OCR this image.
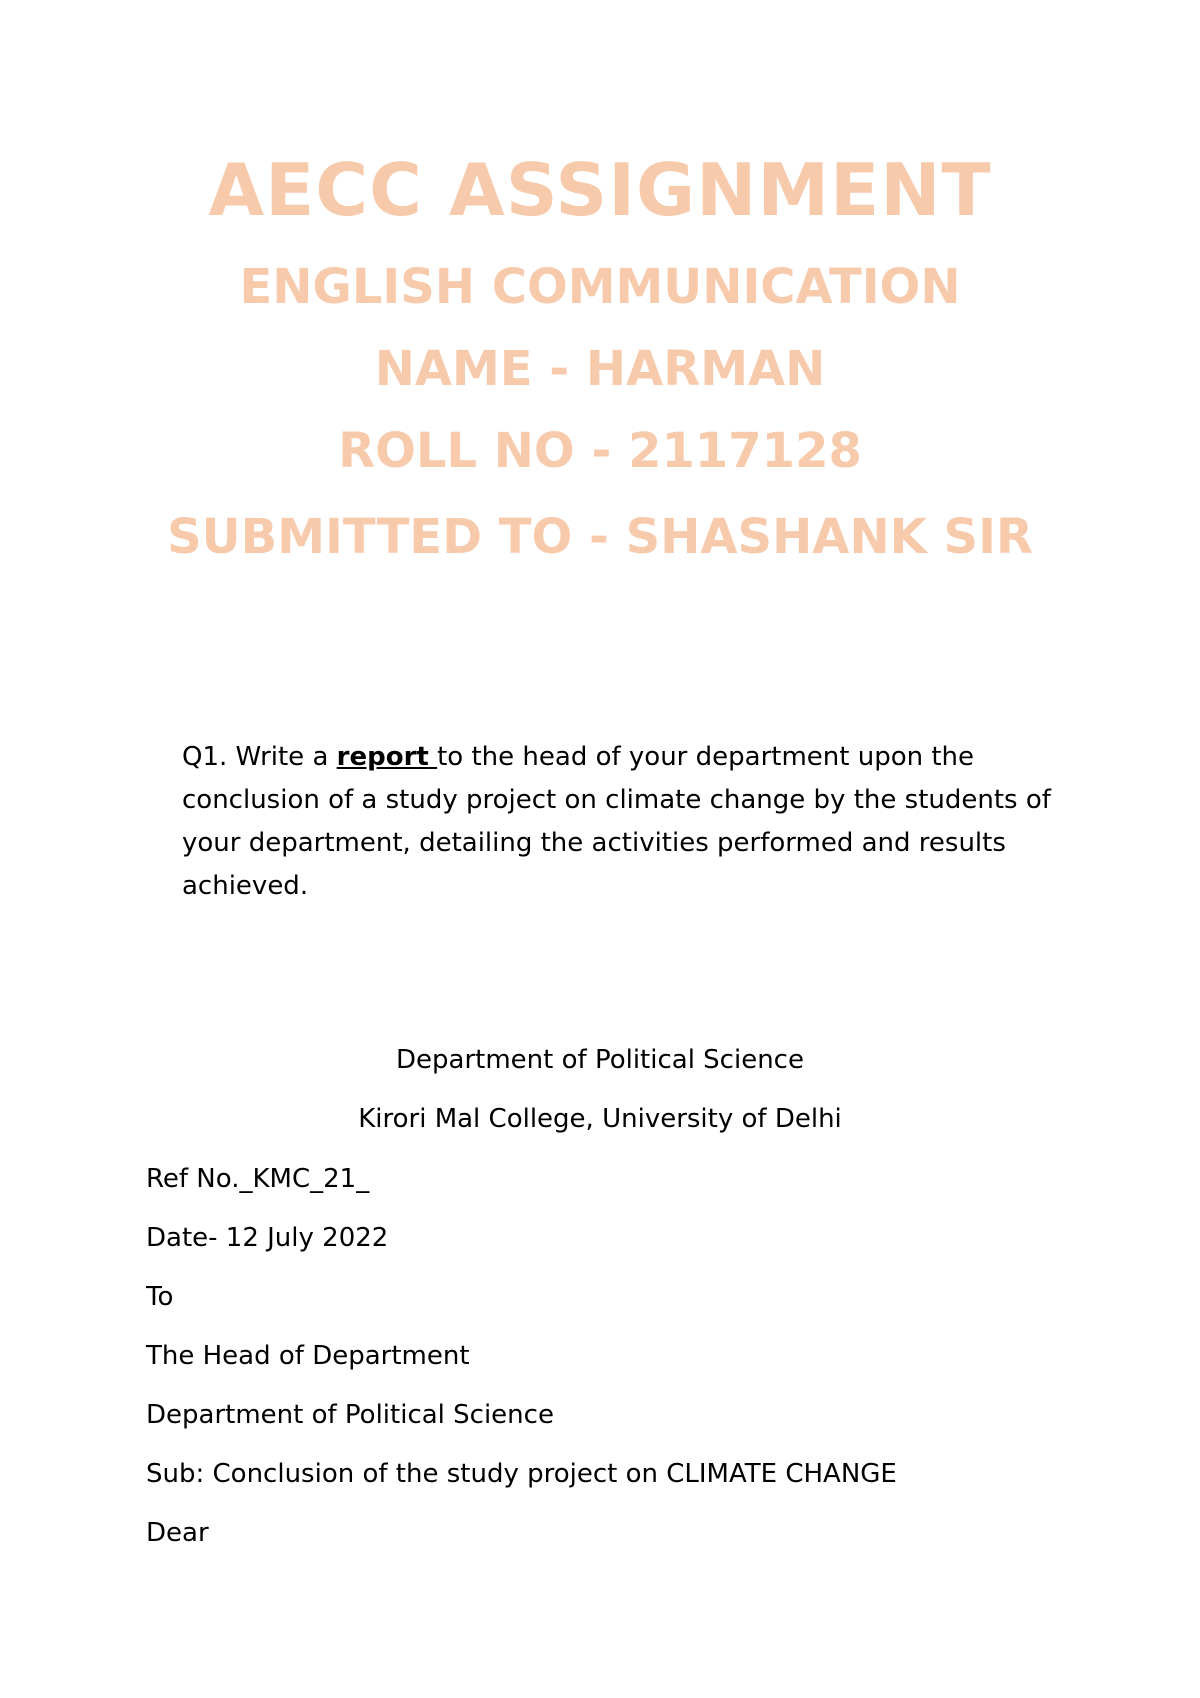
AECC ASSIGNMENT
ENGLISH COMMUNICATION
NAME - HARMAN
ROLL NO - 2117128
SUBMITTED TO - SHASHANK SIR

Q1. Write a report to the head of your department upon the conclusion of a study project on climate change by the students of your department, detailing the activities performed and results achieved.

Department of Political Science
Kirori Mal College, University of Delhi
Ref No._KMC_21_
Date- 12 July 2022
To
The Head of Department
Department of Political Science
Sub: Conclusion of the study project on CLIMATE CHANGE
Dear
